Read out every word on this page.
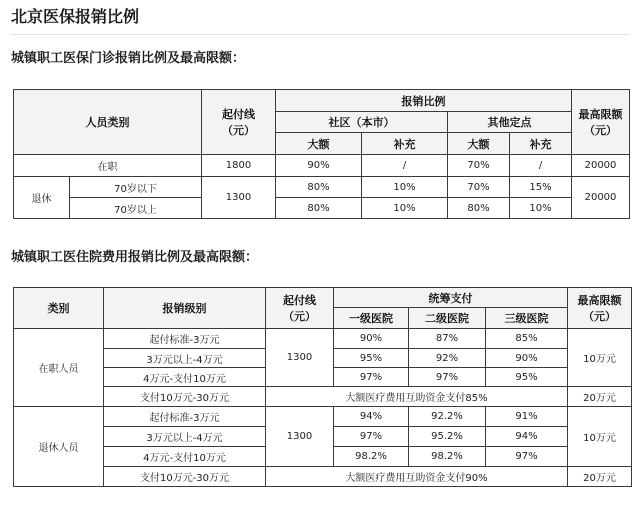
北京医保报销比例
城镇职工医保门诊报销比例及最高限额：
人员类别		起付线
（元）	报销比例				最高限额
（元）
			社区（本市）		其他定点		
			大额	补充	大额	补充	
在职		1800	90%	/	70%	/	20000
退休	70岁以下	1300	80%	10%	70%	15%	20000
	70岁以上		80%	10%	80%	10%	
城镇职工医住院费用报销比例及最高限额：
类别	报销级别	起付线
（元）	统筹支付			最高限额
（元）
			一级医院	二级医院	三级医院	
在职人员	起付标准-3万元	1300	90%	87%	85%	10万元
	3万元以上-4万元		95%	92%	90%	
	4万元-支付10万元		97%	97%	95%	
	支付10万元-30万元	大额医疗费用互助资金支付85%				20万元
退休人员	起付标准-3万元	1300	94%	92.2%	91%	10万元
	3万元以上-4万元		97%	95.2%	94%	
	4万元-支付10万元		98.2%	98.2%	97%	
	支付10万元-30万元	大额医疗费用互助资金支付90%				20万元
